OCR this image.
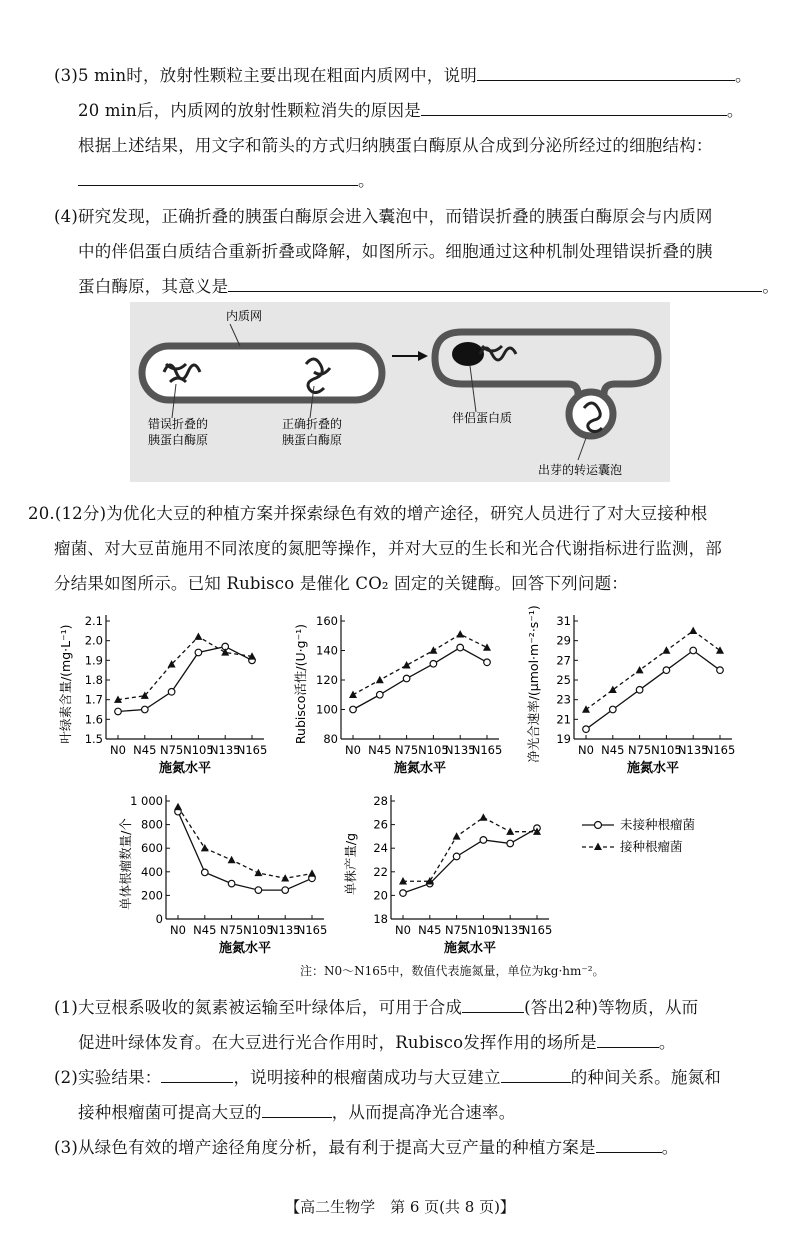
(3)5 min时，放射性颗粒主要出现在粗面内质网中，说明	。
20 min后，内质网的放射性颗粒消失的原因是	。
根据上述结果，用文字和箭头的方式归纳胰蛋白酶原从合成到分泌所经过的细胞结构：
。
(4)研究发现，正确折叠的胰蛋白酶原会进入囊泡中，而错误折叠的胰蛋白酶原会与内质网
中的伴侣蛋白质结合重新折叠或降解，如图所示。细胞通过这种机制处理错误折叠的胰
蛋白酶原，其意义是	。
内质网
错误折叠的
胰蛋白酶原
正确折叠的
胰蛋白酶原
伴侣蛋白质
出芽的转运囊泡
20.(12分)为优化大豆的种植方案并探索绿色有效的增产途径，研究人员进行了对大豆接种根
瘤菌、对大豆苗施用不同浓度的氮肥等操作，并对大豆的生长和光合代谢指标进行监测，部
分结果如图所示。已知 Rubisco 是催化 CO₂ 固定的关键酶。回答下列问题：
1.5
1.6
1.7
1.8
1.9
2.0
2.1
N0 N45 N75 N105
N135
N165
施氮水平
叶绿素含量/(mg·L⁻¹)	80
100
120
140
160
N0 N45 N75 N105
N135
N165
施氮水平
Rubisco活性/(U·g⁻¹)	19
21
23
25
27
29
31
N0 N45 N75 N105
N135
N165
施氮水平
净光合速率/(μmol·m⁻²·s⁻¹)
0
200
400
600
800
1 000
N0 N45 N75 N105
N135
N165
施氮水平
单体根瘤数量/个
18
20
22
24
26
28
N0 N45 N75 N105
N135
N165
施氮水平
单株产量/g
未接种根瘤菌
接种根瘤菌
注：N0～N165中，数值代表施氮量，单位为kg·hm⁻²。
(1)大豆根系吸收的氮素被运输至叶绿体后，可用于合成	(答出2种)等物质，从而
促进叶绿体发育。在大豆进行光合作用时，Rubisco发挥作用的场所是	。
(2)实验结果：	，说明接种的根瘤菌成功与大豆建立	的种间关系。施氮和
接种根瘤菌可提高大豆的	，从而提高净光合速率。
(3)从绿色有效的增产途径角度分析，最有利于提高大豆产量的种植方案是	。
【高二生物学　第 6 页(共 8 页)】
